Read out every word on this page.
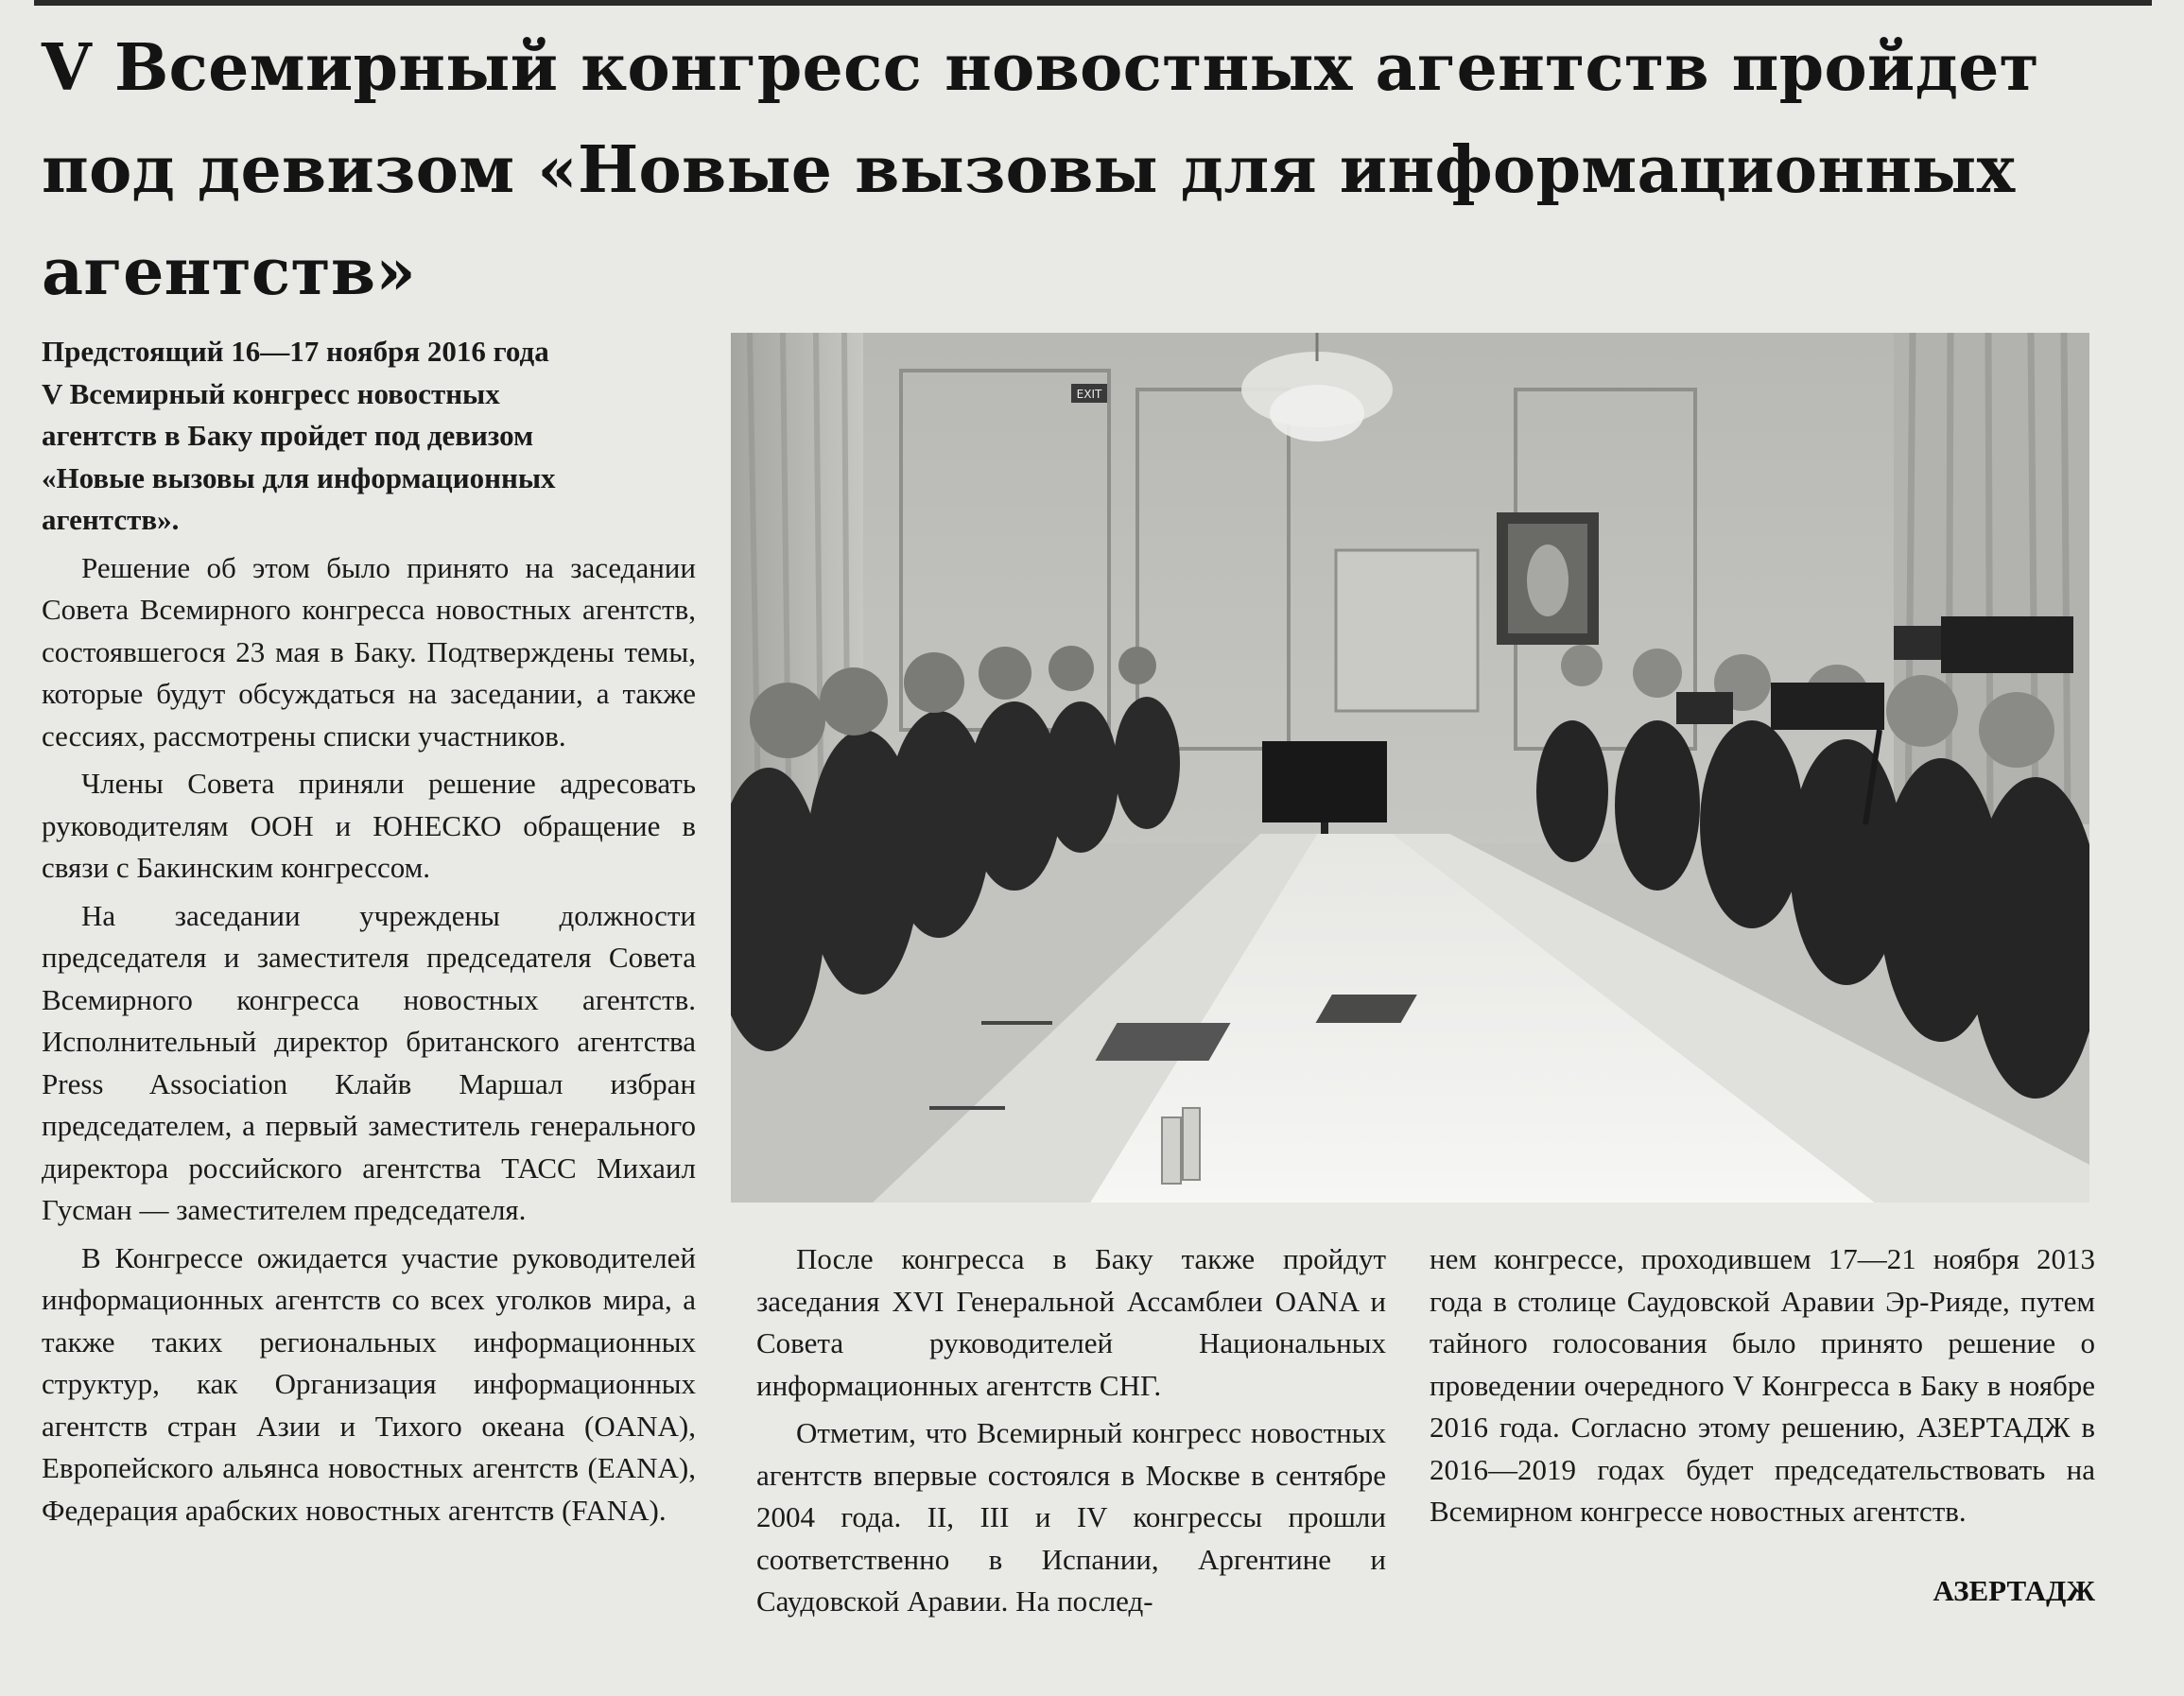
V Всемирный конгресс новостных агентств пройдет
под девизом «Новые вызовы для информационных
агентств»

Предстоящий 16—17 ноября 2016 года
V Всемирный конгресс новостных
агентств в Баку пройдет под девизом
«Новые вызовы для информационных
агентств».

Решение об этом было принято на заседании Совета Всемирного конгресса новостных агентств, состоявшегося 23 мая в Баку. Подтверждены темы, которые будут обсуждаться на заседании, а также сессиях, рассмотрены списки участников.

Члены Совета приняли решение адресовать руководителям ООН и ЮНЕСКО обращение в связи с Бакинским конгрессом.

На заседании учреждены должности председателя и заместителя председателя Совета Всемирного конгресса новостных агентств. Исполнительный директор британского агентства Press Association Клайв Маршал избран председателем, а первый заместитель генерального директора российского агентства ТАСС Михаил Гусман — заместителем председателя.

В Конгрессе ожидается участие руководителей информационных агентств со всех уголков мира, а также таких региональных информационных структур, как Организация информационных агентств стран Азии и Тихого океана (OANA), Европейского альянса новостных агентств (EANA), Федерация арабских новостных агентств (FANA).

EXIT

После конгресса в Баку также пройдут заседания XVI Генеральной Ассамблеи OANA и Совета руководителей Национальных информационных агентств СНГ.

Отметим, что Всемирный конгресс новостных агентств впервые состоялся в Москве в сентябре 2004 года. II, III и IV конгрессы прошли соответственно в Испании, Аргентине и Саудовской Аравии. На послед-

нем конгрессе, проходившем 17—21 ноября 2013 года в столице Саудовской Аравии Эр-Рияде, путем тайного голосования было принято решение о проведении очередного V Конгресса в Баку в ноябре 2016 года. Согласно этому решению, АЗЕРТАДЖ в 2016—2019 годах будет председательствовать на Всемирном конгрессе новостных агентств.

АЗЕРТАДЖ
